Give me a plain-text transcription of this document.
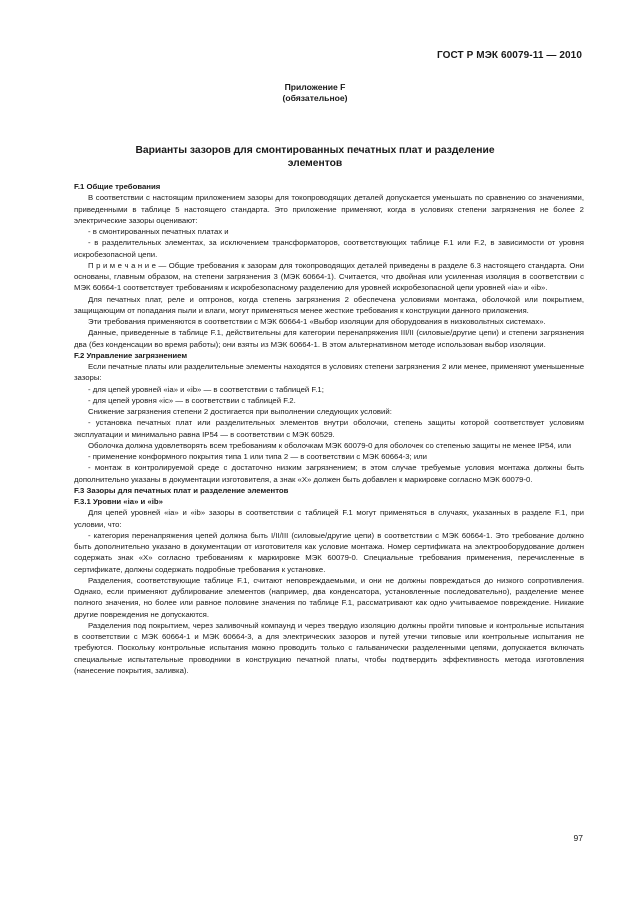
ГОСТ Р МЭК 60079-11 — 2010
Приложение F
(обязательное)
Варианты зазоров для смонтированных печатных плат и разделение
элементов

F.1 Общие требования

В соответствии с настоящим приложением зазоры для токопроводящих деталей допускается уменьшать по сравнению со значениями, приведенными в таблице 5 настоящего стандарта. Это приложение применяют, когда в условиях степени загрязнения не более 2 электрические зазоры оценивают:

- в смонтированных печатных платах и

- в разделительных элементах, за исключением трансформаторов, соответствующих таблице F.1 или F.2, в зависимости от уровня искробезопасной цепи.

П р и м е ч а н и е — Общие требования к зазорам для токопроводящих деталей приведены в разделе 6.3 настоящего стандарта. Они основаны, главным образом, на степени загрязнения 3 (МЭК 60664-1). Считается, что двойная или усиленная изоляция в соответствии с МЭК 60664-1 соответствует требованиям к искробезопасному разделению для уровней искробезопасной цепи уровней «ia» и «ib».

Для печатных плат, реле и оптронов, когда степень загрязнения 2 обеспечена условиями монтажа, оболочкой или покрытием, защищающим от попадания пыли и влаги, могут применяться менее жесткие требования к конструкции данного приложения.

Эти требования применяются в соответствии с МЭК 60664-1 «Выбор изоляции для оборудования в низковольтных системах».

Данные, приведенные в таблице F.1, действительны для категории перенапряжения III/II (силовые/другие цепи) и степени загрязнения два (без конденсации во время работы); они взяты из МЭК 60664-1. В этом альтернативном методе использован выбор изоляции.

F.2 Управление загрязнением

Если печатные платы или разделительные элементы находятся в условиях степени загрязнения 2 или менее, применяют уменьшенные зазоры:

- для цепей уровней «ia» и «ib» — в соответствии с таблицей F.1;

- для цепей уровня «ic» — в соответствии с таблицей F.2.

Снижение загрязнения степени 2 достигается при выполнении следующих условий:

- установка печатных плат или разделительных элементов внутри оболочки, степень защиты которой соответствует условиям эксплуатации и минимально равна IP54 — в соответствии с МЭК 60529.

Оболочка должна удовлетворять всем требованиям к оболочкам МЭК 60079-0 для оболочек со степенью защиты не менее IP54, или

- применение конформного покрытия типа 1 или типа 2 — в соответствии с МЭК 60664-3; или

- монтаж в контролируемой среде с достаточно низким загрязнением; в этом случае требуемые условия монтажа должны быть дополнительно указаны в документации изготовителя, а знак «X» должен быть добавлен к маркировке согласно МЭК 60079-0.

F.3 Зазоры для печатных плат и разделение элементов

F.3.1 Уровни «ia» и «ib»

Для цепей уровней «ia» и «ib» зазоры в соответствии с таблицей F.1 могут применяться в случаях, указанных в разделе F.1, при условии, что:

- категория перенапряжения цепей должна быть I/II/III (силовые/другие цепи) в соответствии с МЭК 60664-1. Это требование должно быть дополнительно указано в документации от изготовителя как условие монтажа. Номер сертификата на электрооборудование должен содержать знак «X» согласно требованиям к маркировке МЭК 60079-0. Специальные требования применения, перечисленные в сертификате, должны содержать подробные требования к установке.

Разделения, соответствующие таблице F.1, считают неповреждаемыми, и они не должны повреждаться до низкого сопротивления. Однако, если применяют дублирование элементов (например, два конденсатора, установленные последовательно), разделение менее полного значения, но более или равное половине значения по таблице F.1, рассматривают как одно учитываемое повреждение. Никакие другие повреждения не допускаются.

Разделения под покрытием, через заливочный компаунд и через твердую изоляцию должны пройти типовые и контрольные испытания в соответствии с МЭК 60664-1 и МЭК 60664-3, а для электрических зазоров и путей утечки типовые или контрольные испытания не требуются. Поскольку контрольные испытания можно проводить только с гальванически разделенными цепями, допускается включать специальные испытательные проводники в конструкцию печатной платы, чтобы подтвердить эффективность метода изготовления (нанесение покрытия, заливка).

97
